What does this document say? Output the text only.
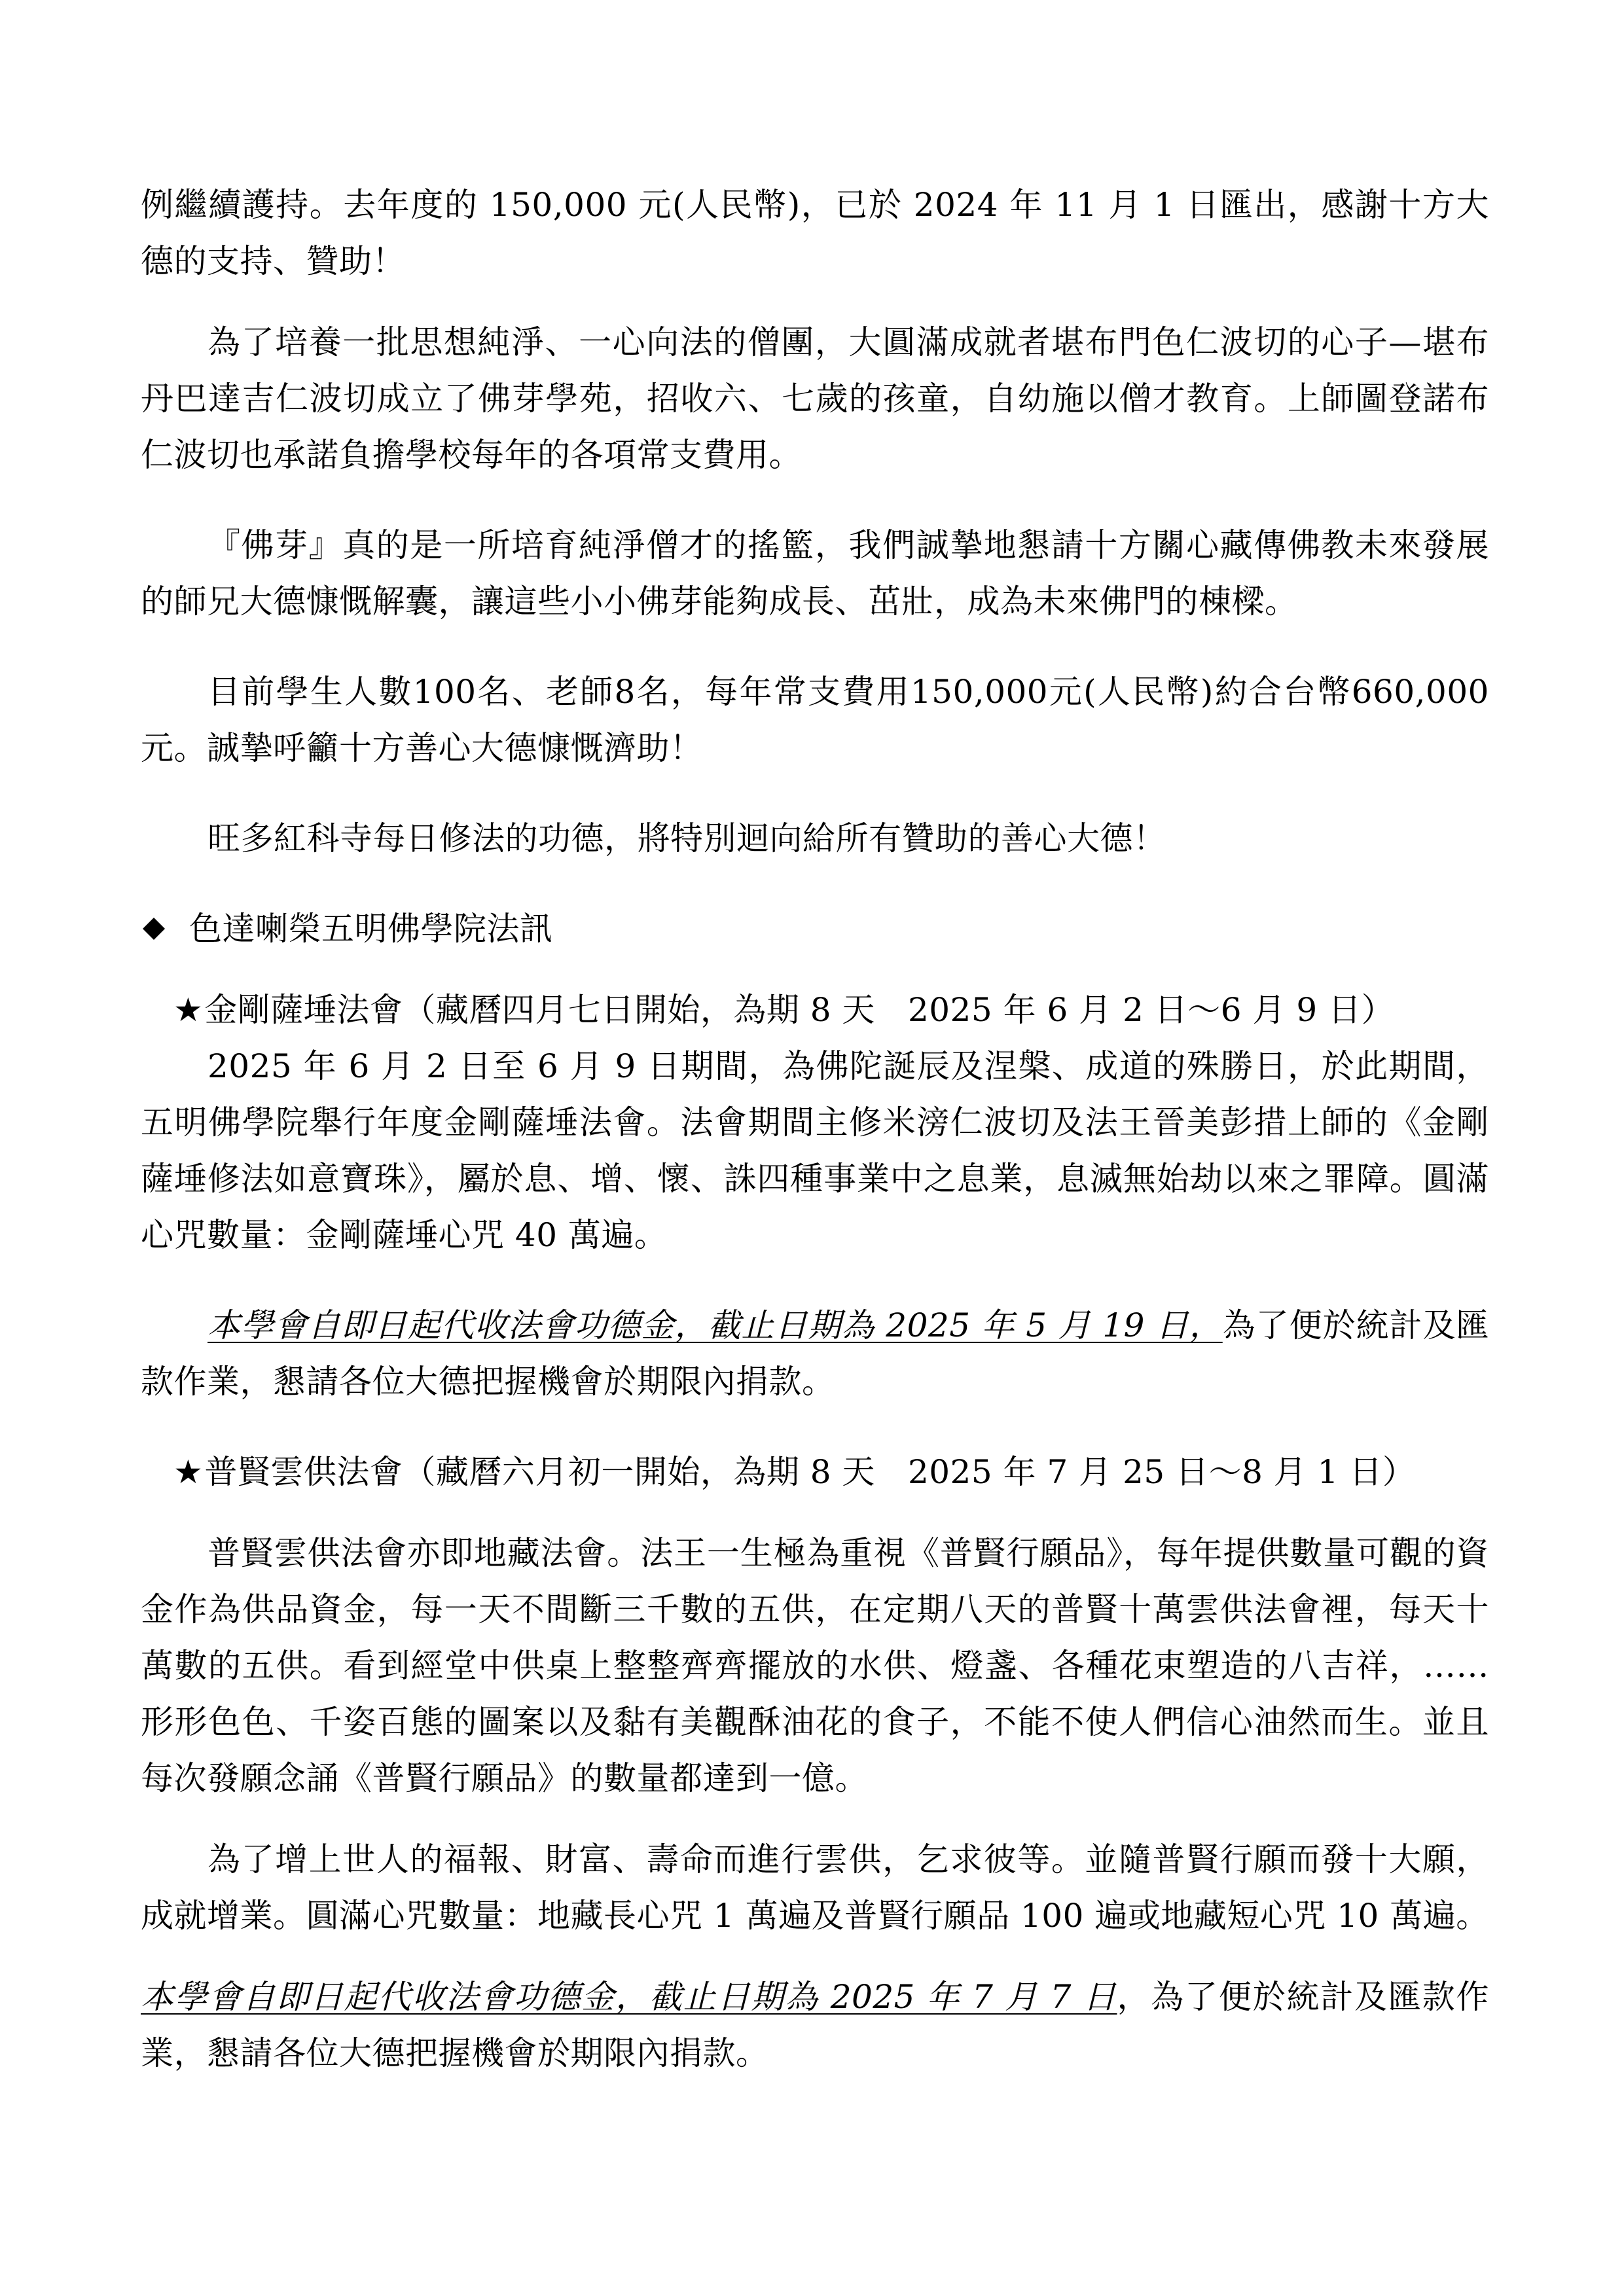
例繼續護持。去年度的 150,000 元(人民幣)，已於 2024 年 11 月 1 日匯出，感謝十方大德的支持、贊助！

為了培養一批思想純淨、一心向法的僧團，大圓滿成就者堪布門色仁波切的心子—堪布丹巴達吉仁波切成立了佛芽學苑，招收六、七歲的孩童，自幼施以僧才教育。上師圖登諾布仁波切也承諾負擔學校每年的各項常支費用。

『佛芽』真的是一所培育純淨僧才的搖籃，我們誠摯地懇請十方關心藏傳佛教未來發展的師兄大德慷慨解囊，讓這些小小佛芽能夠成長、茁壯，成為未來佛門的棟樑。

目前學生人數100名、老師8名，每年常支費用150,000元(人民幣)約合台幣660,000元。誠摯呼籲十方善心大德慷慨濟助！

旺多紅科寺每日修法的功德，將特別迴向給所有贊助的善心大德！

色達喇榮五明佛學院法訊

★金剛薩埵法會（藏曆四月七日開始，為期 8 天 2025 年 6 月 2 日～6 月 9 日）

2025 年 6 月 2 日至 6 月 9 日期間，為佛陀誕辰及涅槃、成道的殊勝日，於此期間，五明佛學院舉行年度金剛薩埵法會。法會期間主修米滂仁波切及法王晉美彭措上師的《金剛薩埵修法如意寶珠》，屬於息、增、懷、誅四種事業中之息業，息滅無始劫以來之罪障。圓滿心咒數量：金剛薩埵心咒 40 萬遍。

本學會自即日起代收法會功德金，截止日期為 2025 年 5 月 19 日，為了便於統計及匯款作業，懇請各位大德把握機會於期限內捐款。

★普賢雲供法會（藏曆六月初一開始，為期 8 天 2025 年 7 月 25 日～8 月 1 日）

普賢雲供法會亦即地藏法會。法王一生極為重視《普賢行願品》，每年提供數量可觀的資金作為供品資金，每一天不間斷三千數的五供，在定期八天的普賢十萬雲供法會裡，每天十萬數的五供。看到經堂中供桌上整整齊齊擺放的水供、燈盞、各種花束塑造的八吉祥，……形形色色、千姿百態的圖案以及黏有美觀酥油花的食子，不能不使人們信心油然而生。並且每次發願念誦《普賢行願品》的數量都達到一億。

為了增上世人的福報、財富、壽命而進行雲供，乞求彼等。並隨普賢行願而發十大願，成就增業。圓滿心咒數量：地藏長心咒 1 萬遍及普賢行願品 100 遍或地藏短心咒 10 萬遍。

本學會自即日起代收法會功德金，截止日期為 2025 年 7 月 7 日，為了便於統計及匯款作業，懇請各位大德把握機會於期限內捐款。
